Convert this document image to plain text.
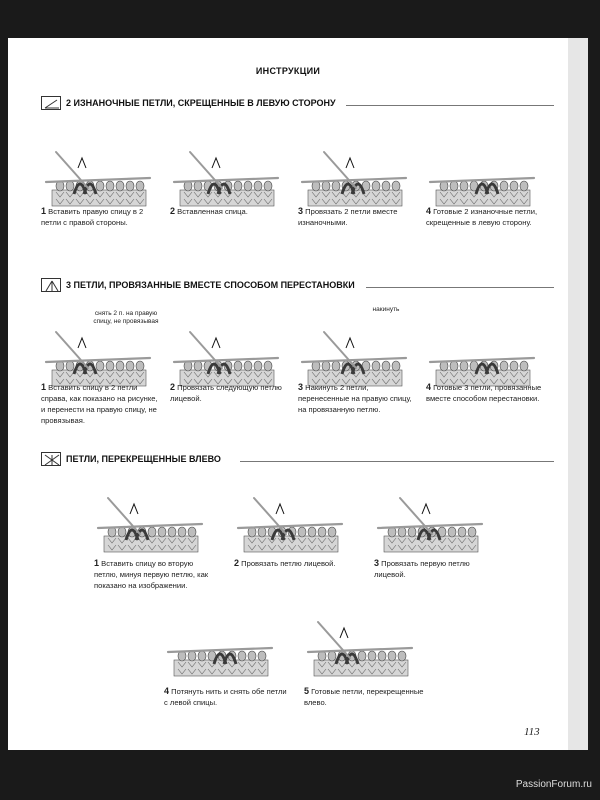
ИНСТРУКЦИИ
2 ИЗНАНОЧНЫЕ ПЕТЛИ, СКРЕЩЕННЫЕ В ЛЕВУЮ СТОРОНУ
1 Вставить правую спицу в 2 петли с правой стороны.
2 Вставленная спица.	3 Провязать 2 петли вместе изнаночными.
4 Готовые 2 изнаночные петли, скрещенные в левую сторону.
3 ПЕТЛИ, ПРОВЯЗАННЫЕ ВМЕСТЕ СПОСОБОМ ПЕРЕСТАНОВКИ
снять 2 п. на правую спицу, не провязывая
накинуть
1 Вставить спицу в 2 петли справа, как показано на рисунке, и перенести на правую спицу, не провязывая.
2 Провязать следующую петлю лицевой.
3 Накинуть 2 петли, перенесенные на правую спицу, на провязанную петлю.
4 Готовые 3 петли, провязанные вместе способом перестановки.
ПЕТЛИ, ПЕРЕКРЕЩЕННЫЕ ВЛЕВО
1 Вставить спицу во вторую петлю, минуя первую петлю, как показано на изображении.
2 Провязать петлю лицевой.	3 Провязать первую петлю лицевой.
4 Потянуть нить и снять обе петли с левой спицы.
5 Готовые петли, перекрещенные влево.
113
PassionForum.ru
